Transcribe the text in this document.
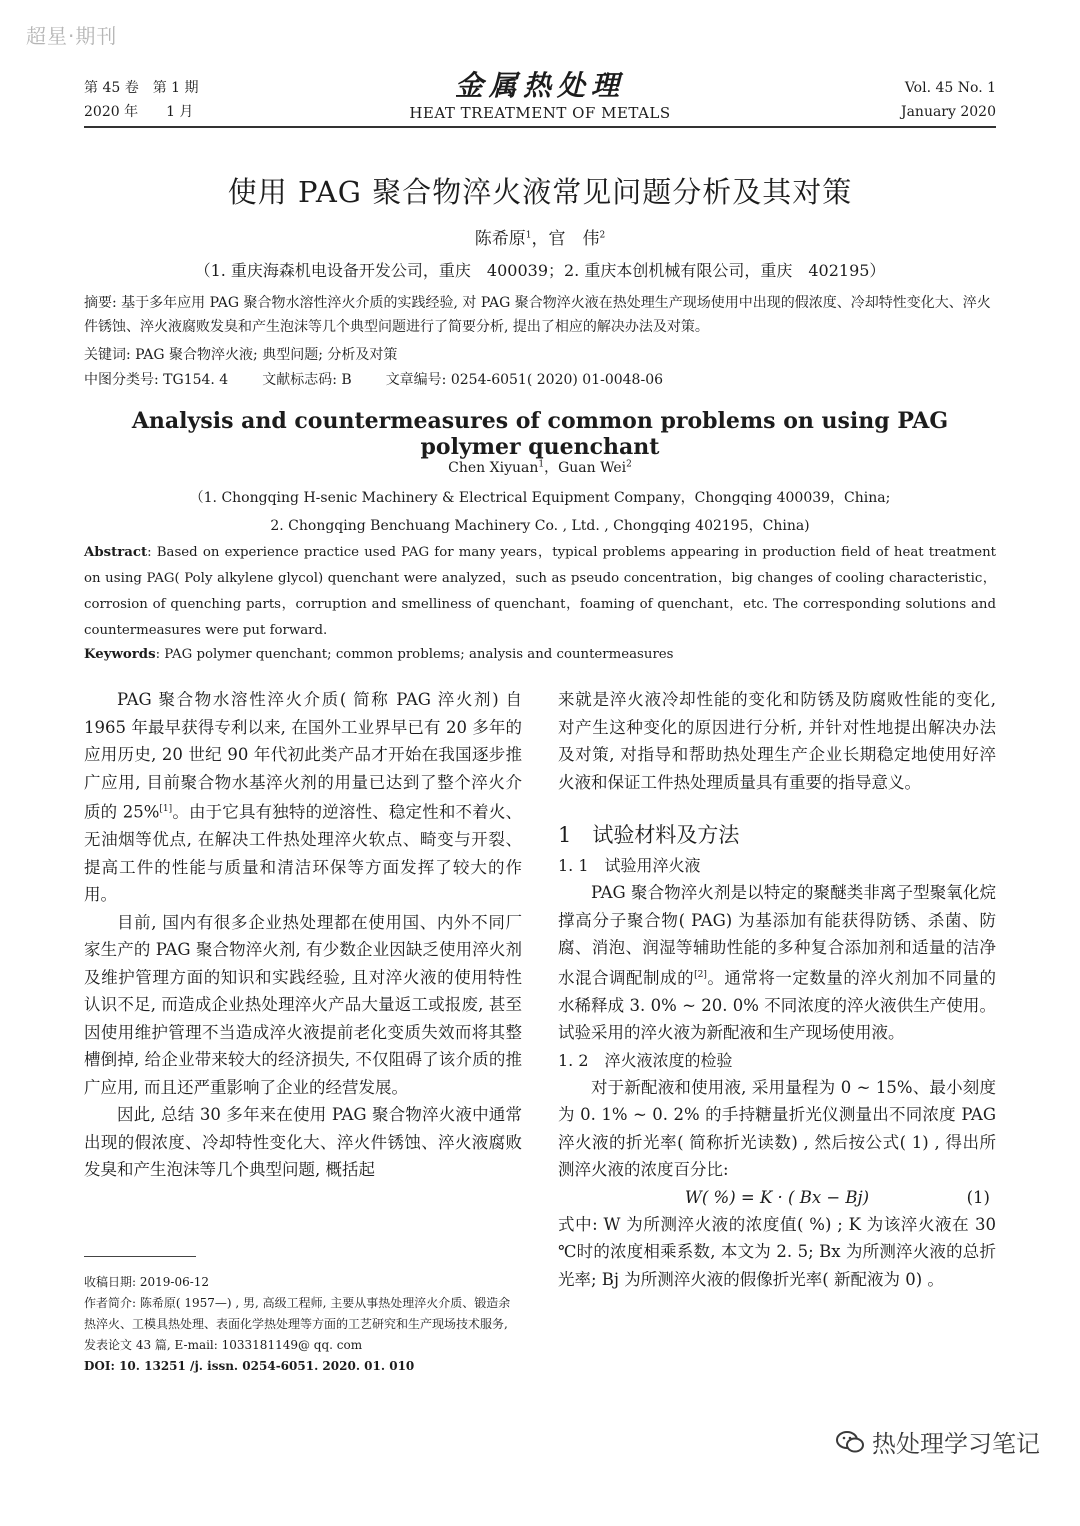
超星·期刊
第 45 卷　第 1 期
2020 年　　1 月
金属热处理
HEAT TREATMENT OF METALS
Vol. 45 No. 1
January 2020
使用 PAG 聚合物淬火液常见问题分析及其对策
陈希原$^1$，官　伟$^2$
（1. 重庆海森机电设备开发公司，重庆　400039；2. 重庆本创机械有限公司，重庆　402195）
摘要: 基于多年应用 PAG 聚合物水溶性淬火介质的实践经验, 对 PAG 聚合物淬火液在热处理生产现场使用中出现的假浓度、冷却特性变化大、淬火件锈蚀、淬火液腐败发臭和产生泡沫等几个典型问题进行了简要分析, 提出了相应的解决办法及对策。
关键词: PAG 聚合物淬火液; 典型问题; 分析及对策
中图分类号: TG154. 4 文献标志码: B 文章编号: 0254-6051( 2020) 01-0048-06
Analysis and countermeasures of common problems on using PAG polymer quenchant
Chen Xiyuan$^1$，Guan Wei$^2$
（1. Chongqing H-senic Machinery & Electrical Equipment Company，Chongqing 400039，China;
2. Chongqing Benchuang Machinery Co. , Ltd. , Chongqing 402195，China)
Abstract: Based on experience practice used PAG for many years，typical problems appearing in production field of heat treatment on using PAG( Poly alkylene glycol) quenchant were analyzed，such as pseudo concentration，big changes of cooling characteristic，corrosion of quenching parts，corruption and smelliness of quenchant，foaming of quenchant，etc. The corresponding solutions and countermeasures were put forward.
Keywords: PAG polymer quenchant; common problems; analysis and countermeasures

PAG 聚合物水溶性淬火介质( 简称 PAG 淬火剂) 自 1965 年最早获得专利以来, 在国外工业界早已有 20 多年的应用历史, 20 世纪 90 年代初此类产品才开始在我国逐步推广应用, 目前聚合物水基淬火剂的用量已达到了整个淬火介质的 25%[1]。由于它具有独特的逆溶性、稳定性和不着火、无油烟等优点, 在解决工件热处理淬火软点、畸变与开裂、提高工件的性能与质量和清洁环保等方面发挥了较大的作用。

目前, 国内有很多企业热处理都在使用国、内外不同厂家生产的 PAG 聚合物淬火剂, 有少数企业因缺乏使用淬火剂及维护管理方面的知识和实践经验, 且对淬火液的使用特性认识不足, 而造成企业热处理淬火产品大量返工或报废, 甚至因使用维护管理不当造成淬火液提前老化变质失效而将其整槽倒掉, 给企业带来较大的经济损失, 不仅阻碍了该介质的推广应用, 而且还严重影响了企业的经营发展。

因此, 总结 30 多年来在使用 PAG 聚合物淬火液中通常出现的假浓度、冷却特性变化大、淬火件锈蚀、淬火液腐败发臭和产生泡沫等几个典型问题, 概括起

来就是淬火液冷却性能的变化和防锈及防腐败性能的变化, 对产生这种变化的原因进行分析, 并针对性地提出解决办法及对策, 对指导和帮助热处理生产企业长期稳定地使用好淬火液和保证工件热处理质量具有重要的指导意义。

1　试验材料及方法
1. 1　试验用淬火液

PAG 聚合物淬火剂是以特定的聚醚类非离子型聚氧化烷撑高分子聚合物( PAG) 为基添加有能获得防锈、杀菌、防腐、消泡、润湿等辅助性能的多种复合添加剂和适量的洁净水混合调配制成的[2]。通常将一定数量的淬火剂加不同量的水稀释成 3. 0% ~ 20. 0% 不同浓度的淬火液供生产使用。试验采用的淬火液为新配液和生产现场使用液。

1. 2　淬火液浓度的检验

对于新配液和使用液, 采用量程为 0 ~ 15%、最小刻度为 0. 1% ~ 0. 2% 的手持糖量折光仪测量出不同浓度 PAG 淬火液的折光率( 简称折光读数) , 然后按公式( 1) , 得出所测淬火液的浓度百分比:

W( %) = K · ( Bx − Bj)	(1)

式中: W 为所测淬火液的浓度值( %) ; K 为该淬火液在 30 ℃时的浓度相乘系数, 本文为 2. 5; Bx 为所测淬火液的总折光率; Bj 为所测淬火液的假像折光率( 新配液为 0) 。

收稿日期: 2019-06-12
作者简介: 陈希原( 1957—) , 男, 高级工程师, 主要从事热处理淬火介质、锻造余热淬火、工模具热处理、表面化学热处理等方面的工艺研究和生产现场技术服务, 发表论文 43 篇, E-mail: 1033181149@ qq. com
DOI: 10. 13251 /j. issn. 0254-6051. 2020. 01. 010
热处理学习笔记
